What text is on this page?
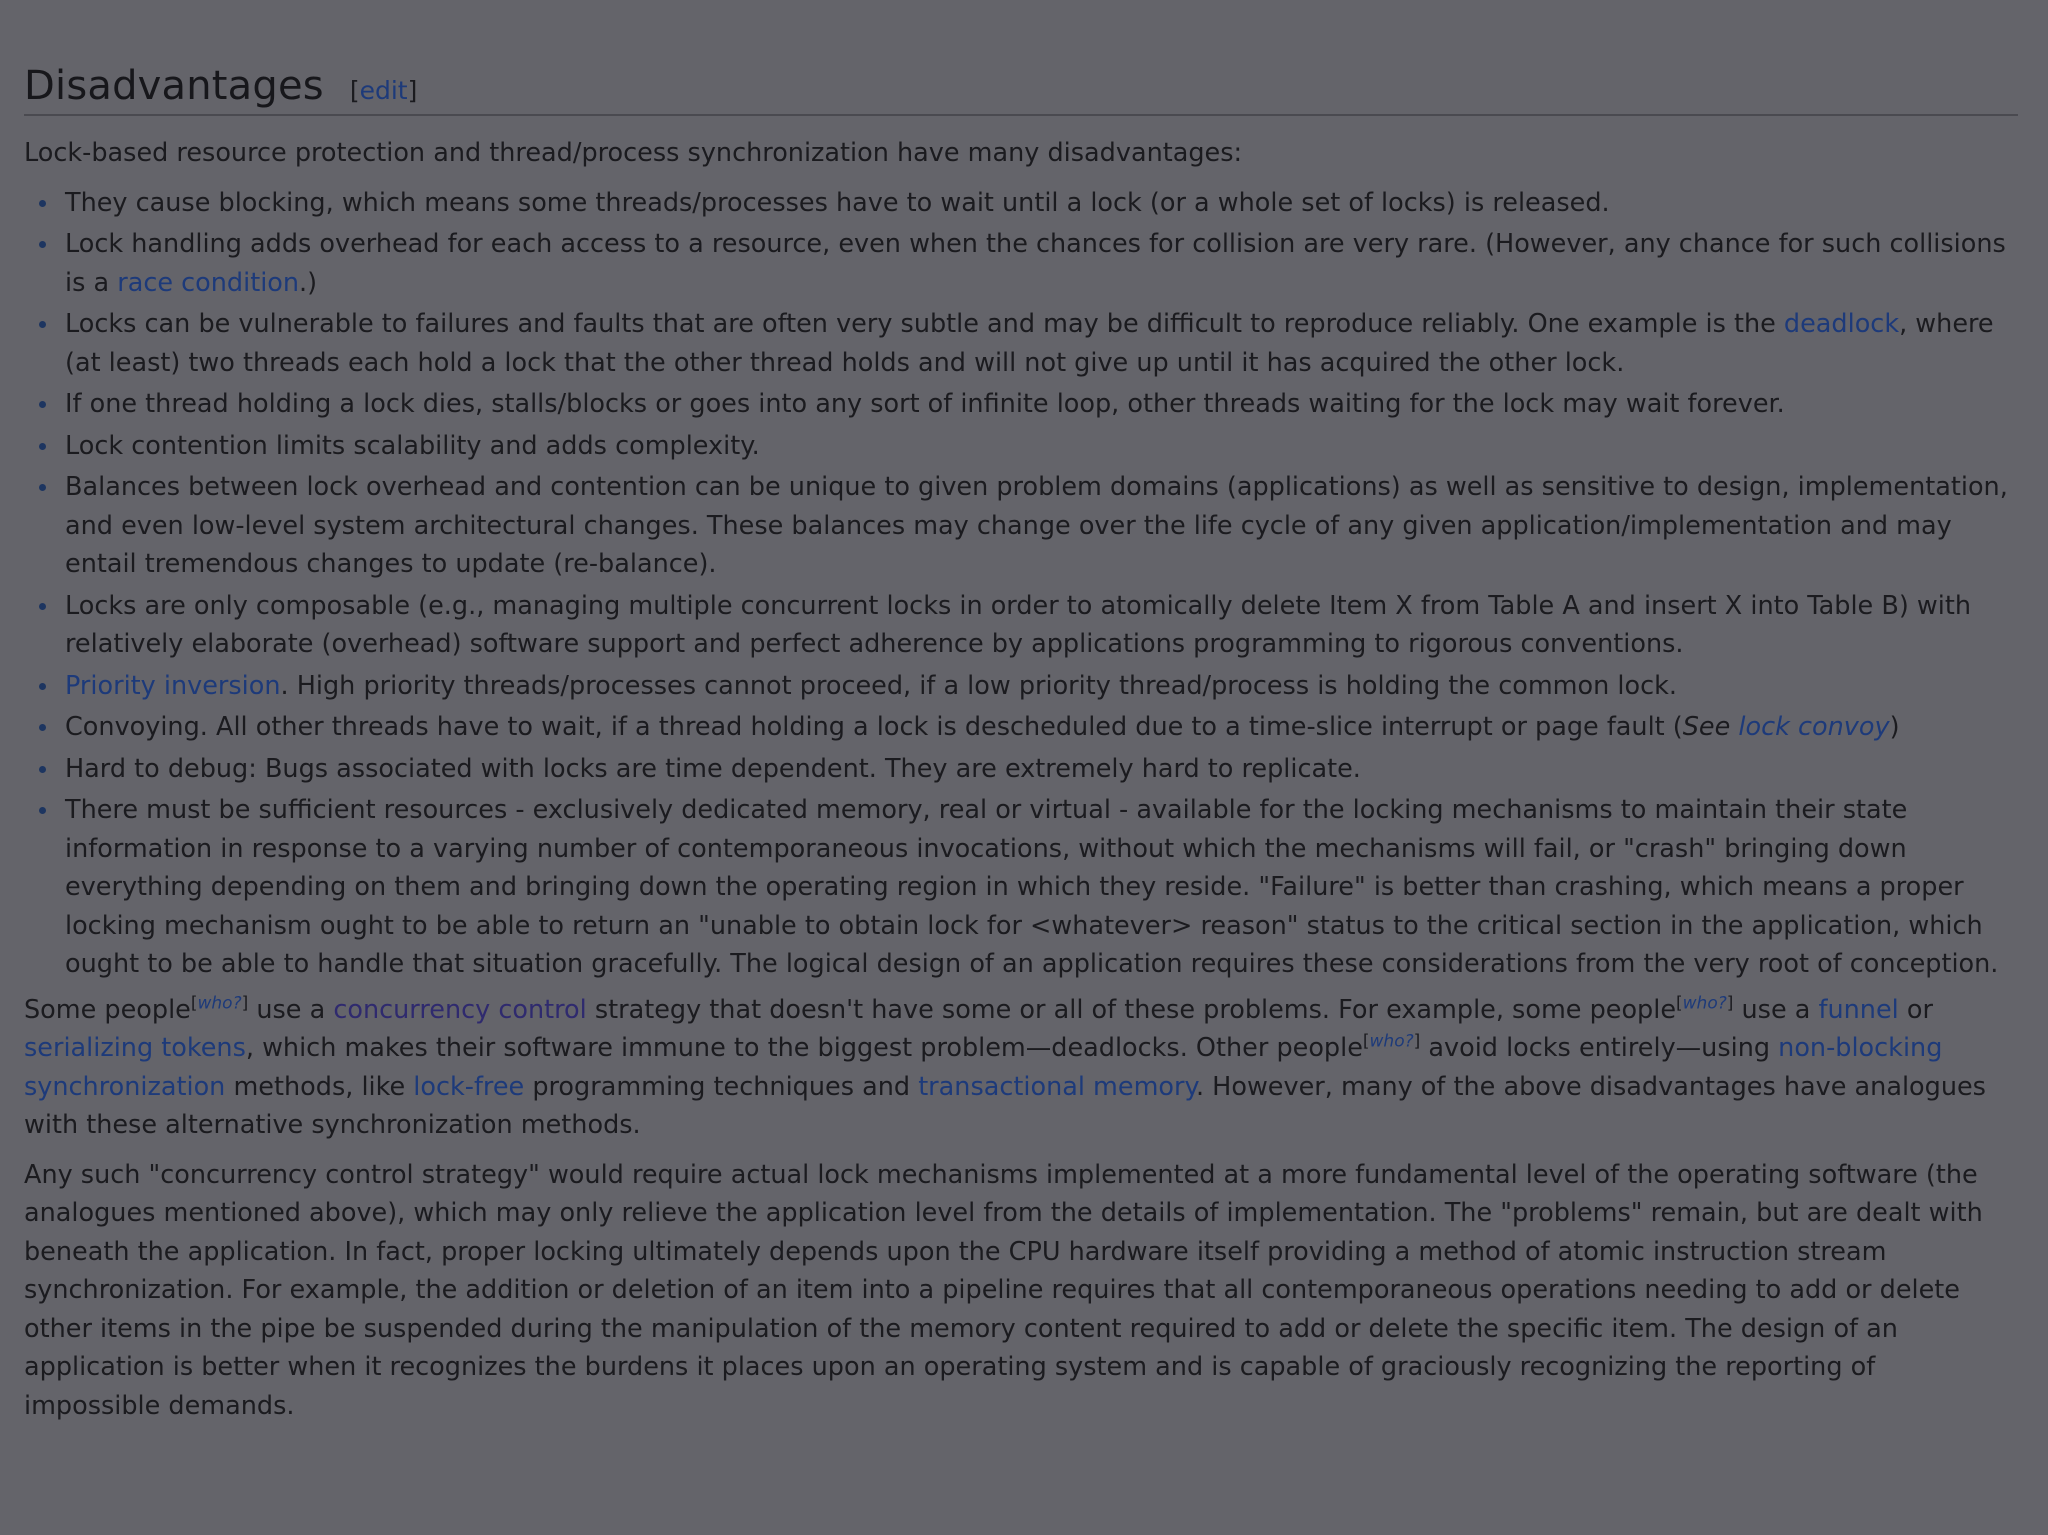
Disadvantages [edit]

Lock-based resource protection and thread/process synchronization have many disadvantages:

They cause blocking, which means some threads/processes have to wait until a lock (or a whole set of locks) is released.
Lock handling adds overhead for each access to a resource, even when the chances for collision are very rare. (However, any chance for such collisions is a race condition.)
Locks can be vulnerable to failures and faults that are often very subtle and may be difficult to reproduce reliably. One example is the deadlock, where (at least) two threads each hold a lock that the other thread holds and will not give up until it has acquired the other lock.
If one thread holding a lock dies, stalls/blocks or goes into any sort of infinite loop, other threads waiting for the lock may wait forever.
Lock contention limits scalability and adds complexity.
Balances between lock overhead and contention can be unique to given problem domains (applications) as well as sensitive to design, implementation, and even low-level system architectural changes. These balances may change over the life cycle of any given application/implementation and may entail tremendous changes to update (re-balance).
Locks are only composable (e.g., managing multiple concurrent locks in order to atomically delete Item X from Table A and insert X into Table B) with relatively elaborate (overhead) software support and perfect adherence by applications programming to rigorous conventions.
Priority inversion. High priority threads/processes cannot proceed, if a low priority thread/process is holding the common lock.
Convoying. All other threads have to wait, if a thread holding a lock is descheduled due to a time-slice interrupt or page fault (See lock convoy)
Hard to debug: Bugs associated with locks are time dependent. They are extremely hard to replicate.
There must be sufficient resources - exclusively dedicated memory, real or virtual - available for the locking mechanisms to maintain their state information in response to a varying number of contemporaneous invocations, without which the mechanisms will fail, or "crash" bringing down everything depending on them and bringing down the operating region in which they reside. "Failure" is better than crashing, which means a proper locking mechanism ought to be able to return an "unable to obtain lock for <whatever> reason" status to the critical section in the application, which ought to be able to handle that situation gracefully. The logical design of an application requires these considerations from the very root of conception.

Some people[who?] use a concurrency control strategy that doesn't have some or all of these problems. For example, some people[who?] use a funnel or serializing tokens, which makes their software immune to the biggest problem—deadlocks. Other people[who?] avoid locks entirely—using non-blocking synchronization methods, like lock-free programming techniques and transactional memory. However, many of the above disadvantages have analogues with these alternative synchronization methods.

Any such "concurrency control strategy" would require actual lock mechanisms implemented at a more fundamental level of the operating software (the analogues mentioned above), which may only relieve the application level from the details of implementation. The "problems" remain, but are dealt with beneath the application. In fact, proper locking ultimately depends upon the CPU hardware itself providing a method of atomic instruction stream synchronization. For example, the addition or deletion of an item into a pipeline requires that all contemporaneous operations needing to add or delete other items in the pipe be suspended during the manipulation of the memory content required to add or delete the specific item. The design of an application is better when it recognizes the burdens it places upon an operating system and is capable of graciously recognizing the reporting of impossible demands.
